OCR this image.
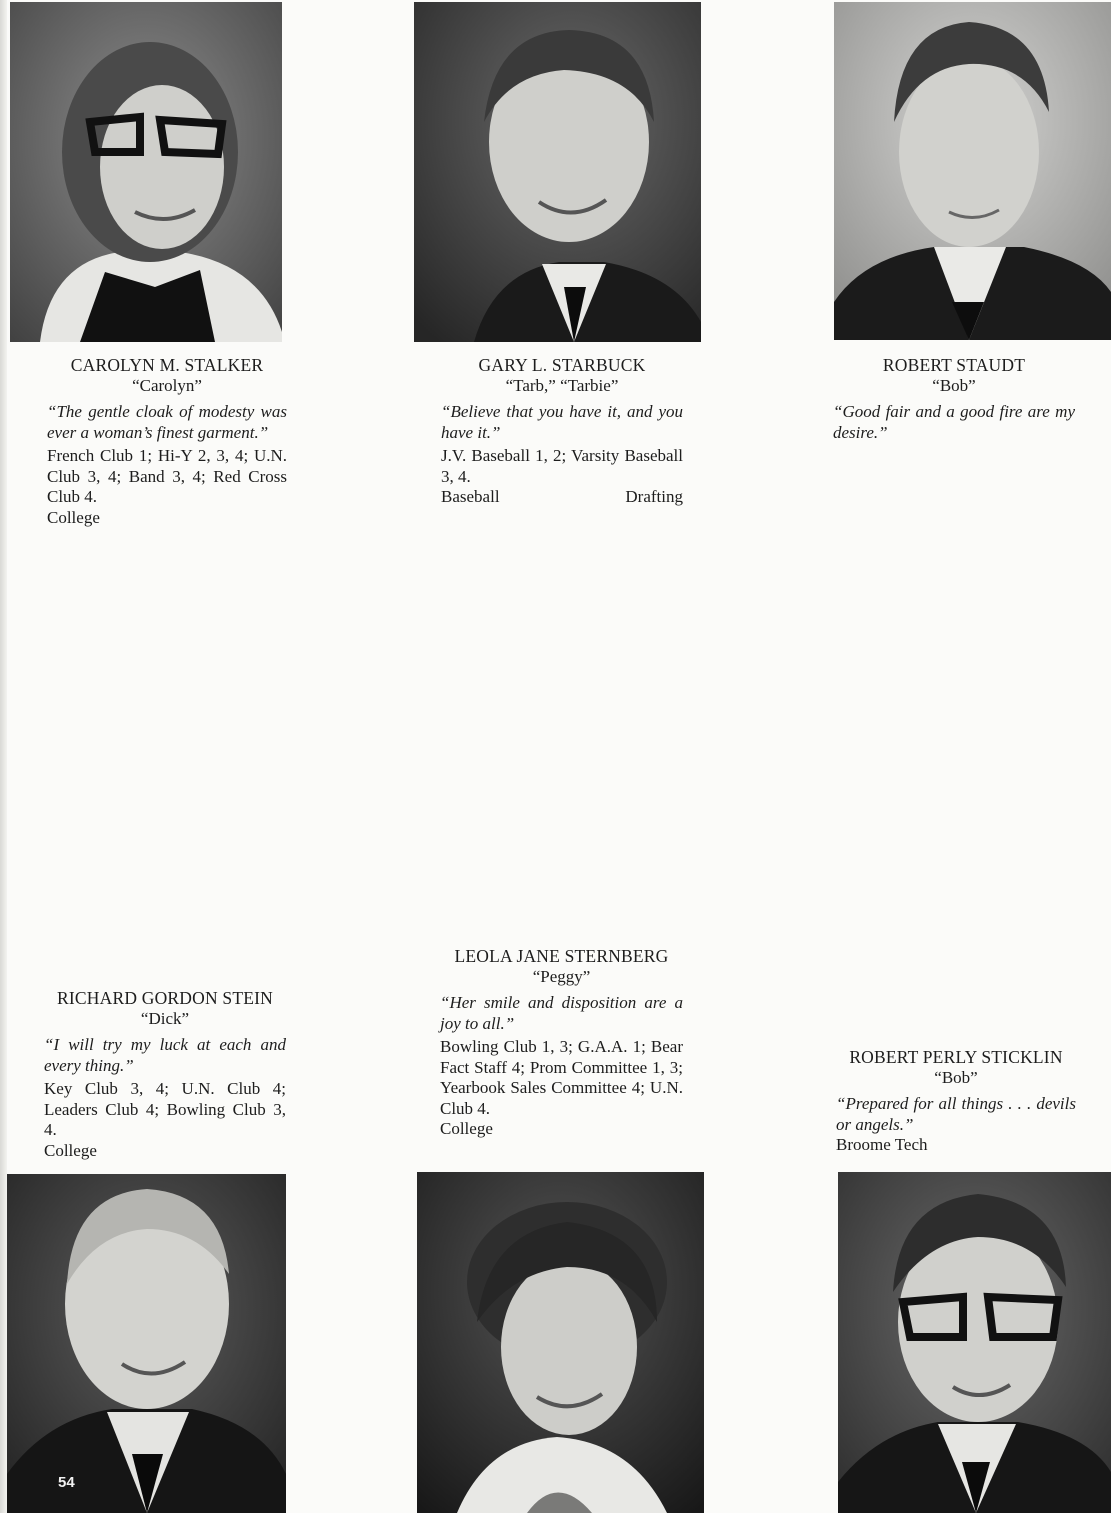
CAROLYN M. STALKER
“Carolyn”
“The gentle cloak of modesty was ever a woman’s finest garment.”
French Club 1; Hi-Y 2, 3, 4; U.N. Club 3, 4; Band 3, 4; Red Cross Club 4.
College
GARY L. STARBUCK
“Tarb,” “Tarbie”
“Believe that you have it, and you have it.”
J.V. Baseball 1, 2; Varsity Baseball 3, 4.
Baseball	Drafting
ROBERT STAUDT
“Bob”
“Good fair and a good fire are my desire.”
RICHARD GORDON STEIN
“Dick”
“I will try my luck at each and every thing.”
Key Club 3, 4; U.N. Club 4; Leaders Club 4; Bowling Club 3, 4.
College
LEOLA JANE STERNBERG
“Peggy”
“Her smile and disposition are a joy to all.”
Bowling Club 1, 3; G.A.A. 1; Bear Fact Staff 4; Prom Committee 1, 3; Yearbook Sales Committee 4; U.N. Club 4.
College
ROBERT PERLY STICKLIN
“Bob”
“Prepared for all things . . . devils or angels.”
Broome Tech
54
